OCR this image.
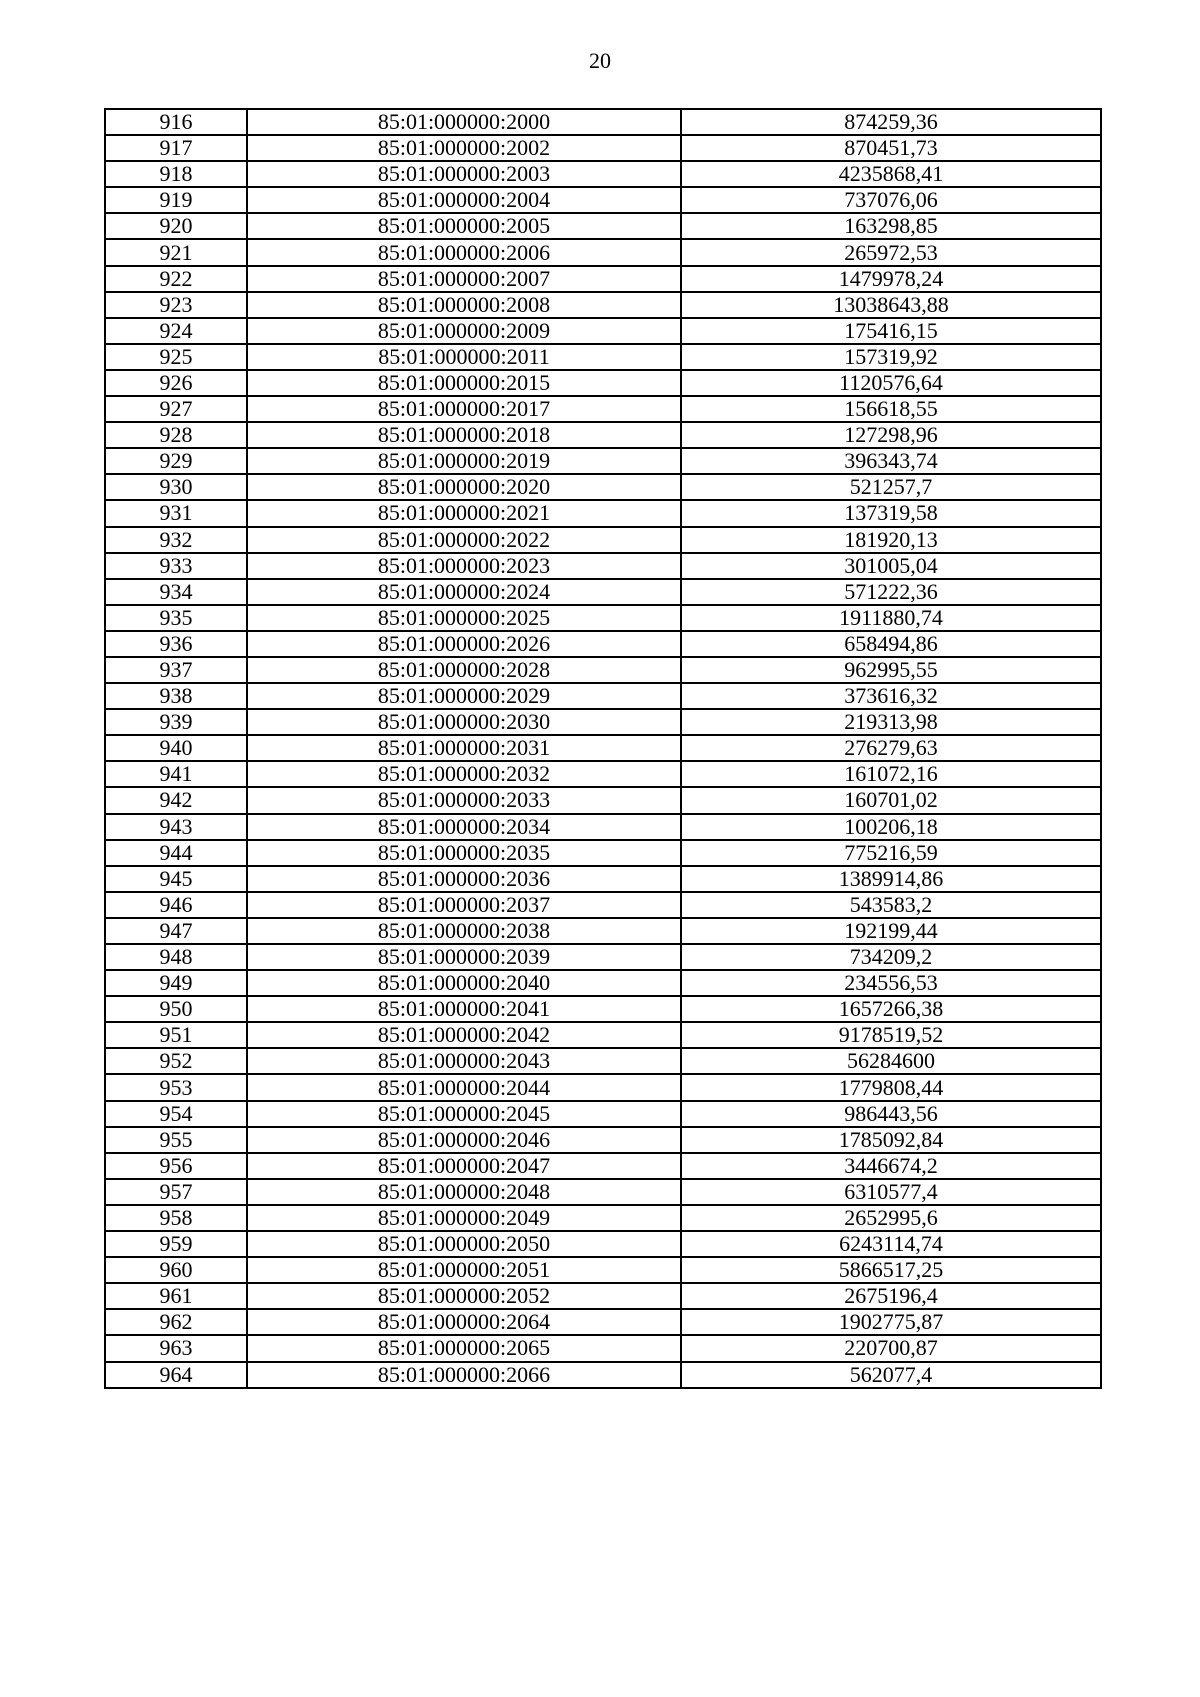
20
916	85:01:000000:2000	874259,36
917	85:01:000000:2002	870451,73
918	85:01:000000:2003	4235868,41
919	85:01:000000:2004	737076,06
920	85:01:000000:2005	163298,85
921	85:01:000000:2006	265972,53
922	85:01:000000:2007	1479978,24
923	85:01:000000:2008	13038643,88
924	85:01:000000:2009	175416,15
925	85:01:000000:2011	157319,92
926	85:01:000000:2015	1120576,64
927	85:01:000000:2017	156618,55
928	85:01:000000:2018	127298,96
929	85:01:000000:2019	396343,74
930	85:01:000000:2020	521257,7
931	85:01:000000:2021	137319,58
932	85:01:000000:2022	181920,13
933	85:01:000000:2023	301005,04
934	85:01:000000:2024	571222,36
935	85:01:000000:2025	1911880,74
936	85:01:000000:2026	658494,86
937	85:01:000000:2028	962995,55
938	85:01:000000:2029	373616,32
939	85:01:000000:2030	219313,98
940	85:01:000000:2031	276279,63
941	85:01:000000:2032	161072,16
942	85:01:000000:2033	160701,02
943	85:01:000000:2034	100206,18
944	85:01:000000:2035	775216,59
945	85:01:000000:2036	1389914,86
946	85:01:000000:2037	543583,2
947	85:01:000000:2038	192199,44
948	85:01:000000:2039	734209,2
949	85:01:000000:2040	234556,53
950	85:01:000000:2041	1657266,38
951	85:01:000000:2042	9178519,52
952	85:01:000000:2043	56284600
953	85:01:000000:2044	1779808,44
954	85:01:000000:2045	986443,56
955	85:01:000000:2046	1785092,84
956	85:01:000000:2047	3446674,2
957	85:01:000000:2048	6310577,4
958	85:01:000000:2049	2652995,6
959	85:01:000000:2050	6243114,74
960	85:01:000000:2051	5866517,25
961	85:01:000000:2052	2675196,4
962	85:01:000000:2064	1902775,87
963	85:01:000000:2065	220700,87
964	85:01:000000:2066	562077,4
